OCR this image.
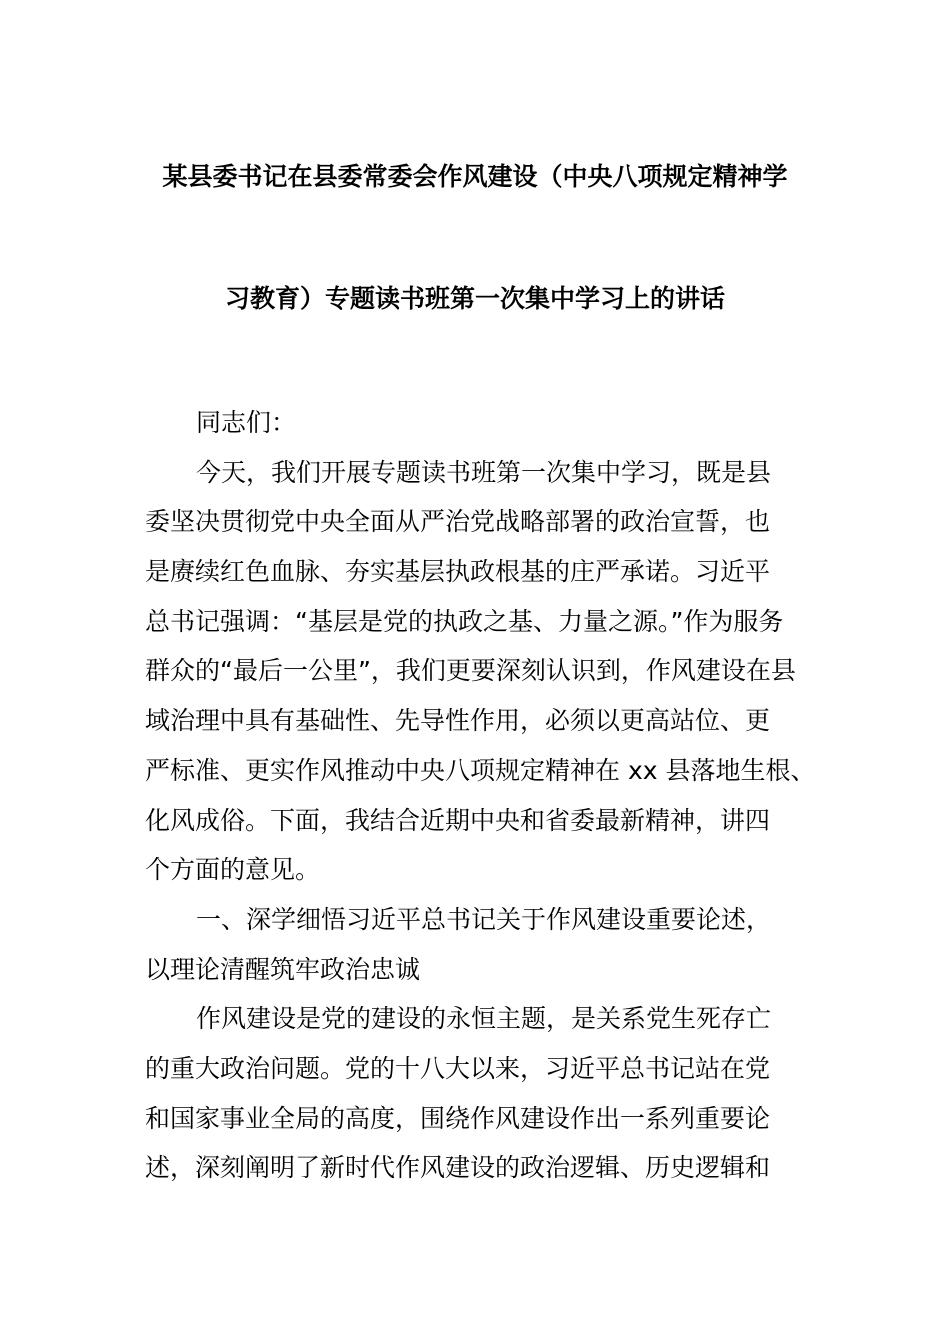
某县委书记在县委常委会作风建设（中央八项规定精神学
习教育）专题读书班第一次集中学习上的讲话
同志们：
今天，我们开展专题读书班第一次集中学习，既是县
委坚决贯彻党中央全面从严治党战略部署的政治宣誓，也
是赓续红色血脉、夯实基层执政根基的庄严承诺。习近平
总书记强调：“基层是党的执政之基、力量之源。”作为服务
群众的“最后一公里”，我们更要深刻认识到，作风建设在县
域治理中具有基础性、先导性作用，必须以更高站位、更
严标准、更实作风推动中央八项规定精神在 xx 县落地生根、
化风成俗。下面，我结合近期中央和省委最新精神，讲四
个方面的意见。
一、深学细悟习近平总书记关于作风建设重要论述，
以理论清醒筑牢政治忠诚
作风建设是党的建设的永恒主题，是关系党生死存亡
的重大政治问题。党的十八大以来，习近平总书记站在党
和国家事业全局的高度，围绕作风建设作出一系列重要论
述，深刻阐明了新时代作风建设的政治逻辑、历史逻辑和
